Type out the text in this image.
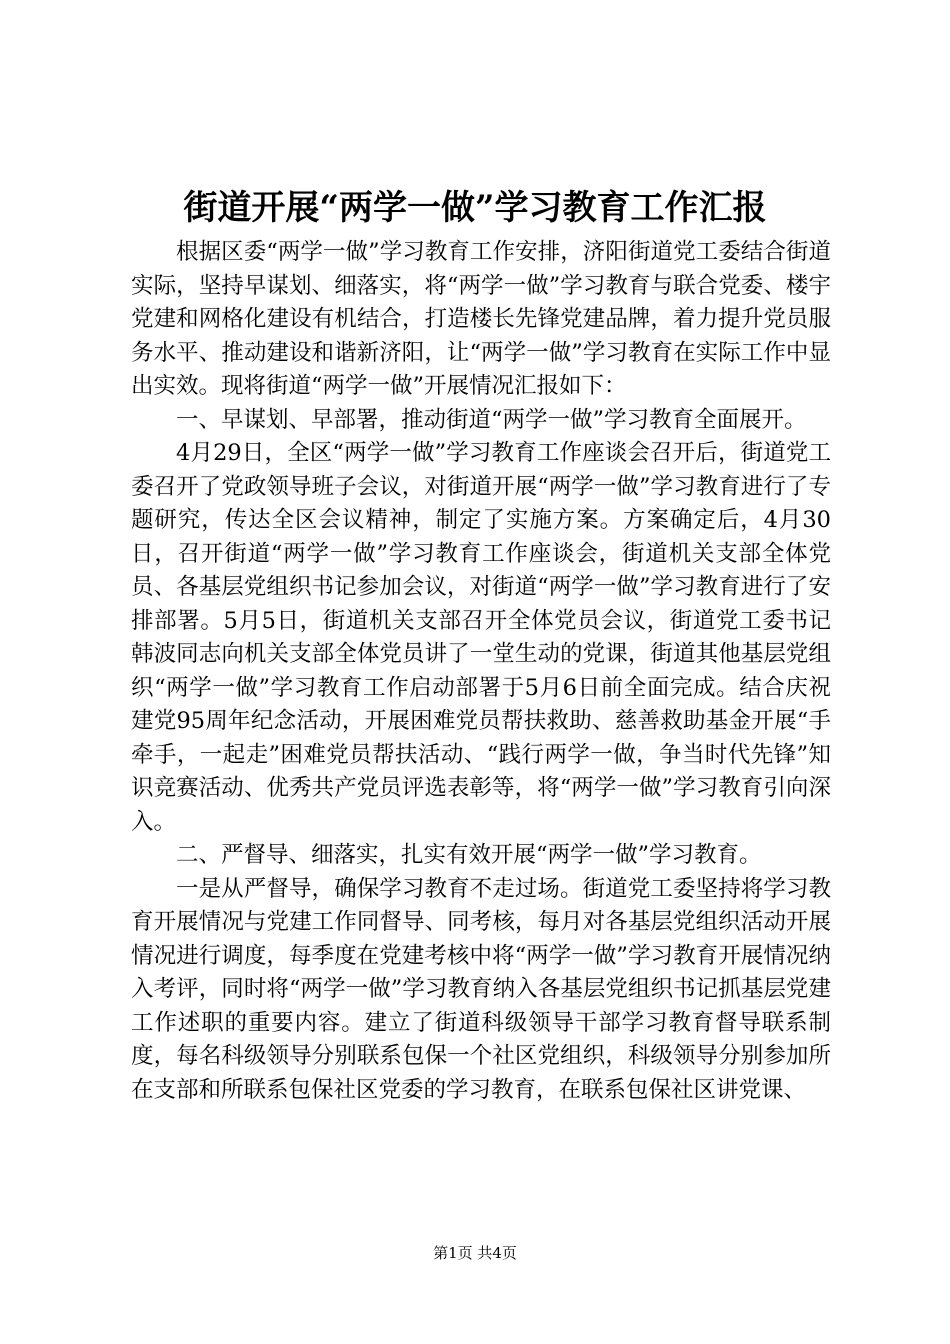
街道开展“两学一做”学习教育工作汇报

根据区委“两学一做”学习教育工作安排，济阳街道党工委结合街道实际，坚持早谋划、细落实，将“两学一做”学习教育与联合党委、楼宇党建和网格化建设有机结合，打造楼长先锋党建品牌，着力提升党员服务水平、推动建设和谐新济阳，让“两学一做”学习教育在实际工作中显出实效。现将街道“两学一做”开展情况汇报如下：

一、早谋划、早部署，推动街道“两学一做”学习教育全面展开。

4月29日，全区“两学一做”学习教育工作座谈会召开后，街道党工委召开了党政领导班子会议，对街道开展“两学一做”学习教育进行了专题研究，传达全区会议精神，制定了实施方案。方案确定后，4月30日，召开街道“两学一做”学习教育工作座谈会，街道机关支部全体党员、各基层党组织书记参加会议，对街道“两学一做”学习教育进行了安排部署。5月5日，街道机关支部召开全体党员会议，街道党工委书记韩波同志向机关支部全体党员讲了一堂生动的党课，街道其他基层党组织“两学一做”学习教育工作启动部署于5月6日前全面完成。结合庆祝建党95周年纪念活动，开展困难党员帮扶救助、慈善救助基金开展“手牵手，一起走”困难党员帮扶活动、“践行两学一做，争当时代先锋”知识竞赛活动、优秀共产党员评选表彰等，将“两学一做”学习教育引向深入。

二、严督导、细落实，扎实有效开展“两学一做”学习教育。

一是从严督导，确保学习教育不走过场。街道党工委坚持将学习教育开展情况与党建工作同督导、同考核，每月对各基层党组织活动开展情况进行调度，每季度在党建考核中将“两学一做”学习教育开展情况纳入考评，同时将“两学一做”学习教育纳入各基层党组织书记抓基层党建工作述职的重要内容。建立了街道科级领导干部学习教育督导联系制度，每名科级领导分别联系包保一个社区党组织，科级领导分别参加所在支部和所联系包保社区党委的学习教育，在联系包保社区讲党课、

第1页 共4页
